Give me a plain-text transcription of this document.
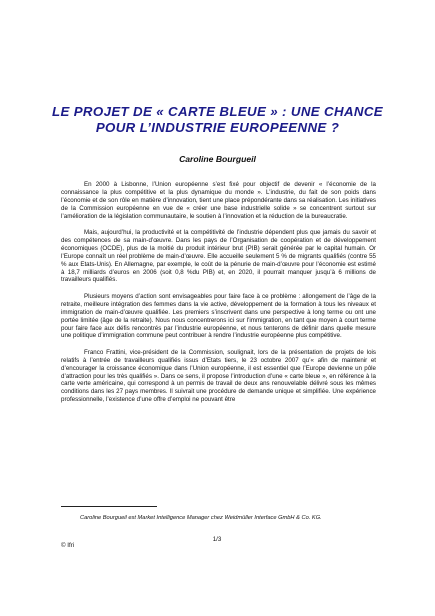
LE PROJET DE « CARTE BLEUE » : UNE CHANCE
POUR L’INDUSTRIE EUROPEENNE ?

Caroline Bourgueil

En 2000 à Lisbonne, l’Union européenne s’est fixé pour objectif de devenir « l’économie de la connaissance la plus compétitive et la plus dynamique du monde ». L’industrie, du fait de son poids dans l’économie et de son rôle en matière d’innovation, tient une place prépondérante dans sa réalisation. Les initiatives de la Commission européenne en vue de « créer une base industrielle solide » se concentrent surtout sur l’amélioration de la législation communautaire, le soutien à l’innovation et la réduction de la bureaucratie.

Mais, aujourd’hui, la productivité et la compétitivité de l’industrie dépendent plus que jamais du savoir et des compétences de sa main-d’œuvre. Dans les pays de l’Organisation de coopération et de développement économiques (OCDE), plus de la moitié du produit intérieur brut (PIB) serait générée par le capital humain. Or l’Europe connaît un réel problème de main-d’œuvre. Elle accueille seulement 5 % de migrants qualifiés (contre 55 % aux Etats-Unis). En Allemagne, par exemple, le coût de la pénurie de main-d’œuvre pour l’économie est estimé à 18,7 milliards d’euros en 2006 (soit 0,8 %du PIB) et, en 2020, il pourrait manquer jusqu’à 6 millions de travailleurs qualifiés.

Plusieurs moyens d’action sont envisageables pour faire face à ce problème : allongement de l’âge de la retraite, meilleure intégration des femmes dans la vie active, développement de la formation à tous les niveaux et immigration de main-d’œuvre qualifiée. Les premiers s’inscrivent dans une perspective à long terme ou ont une portée limitée (âge de la retraite). Nous nous concentrerons ici sur l’immigration, en tant que moyen à court terme pour faire face aux défis rencontrés par l’industrie européenne, et nous tenterons de définir dans quelle mesure une politique d’immigration commune peut contribuer à rendre l’industrie européenne plus compétitive.

Franco Frattini, vice-président de la Commission, soulignait, lors de la présentation de projets de lois relatifs à l’entrée de travailleurs qualifiés issus d’Etats tiers, le 23 octobre 2007 qu’« afin de maintenir et d’encourager la croissance économique dans l’Union européenne, il est essentiel que l’Europe devienne un pôle d’attraction pour les très qualifiés ». Dans ce sens, il propose l’introduction d’une « carte bleue », en référence à la carte verte américaine, qui correspond à un permis de travail de deux ans renouvelable délivré sous les mêmes conditions dans les 27 pays membres. Il suivrait une procédure de demande unique et simplifiée. Une expérience professionnelle, l’existence d’une offre d’emploi ne pouvant être

Caroline Bourgueil est Market Intelligence Manager chez Weidmüller Interface GmbH & Co. KG.

1/3

© Ifri
